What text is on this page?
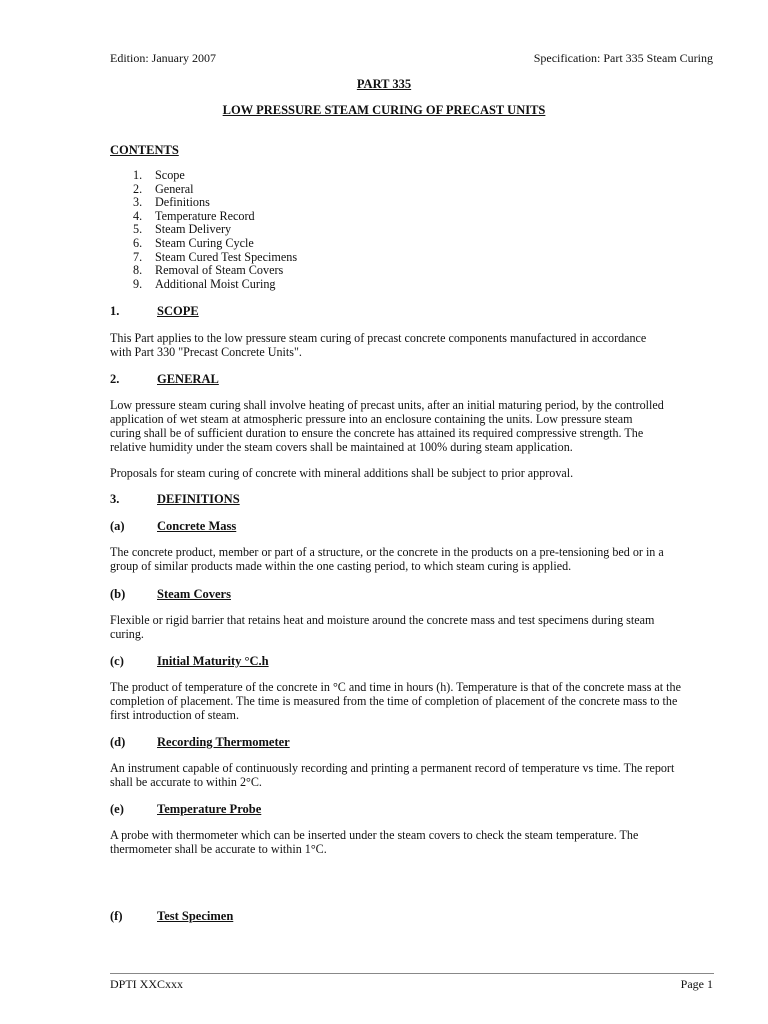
Edition: January 2007	Specification: Part 335 Steam Curing
PART 335
LOW PRESSURE STEAM CURING OF PRECAST UNITS
CONTENTS
1. Scope
2. General
3. Definitions
4. Temperature Record
5. Steam Delivery
6. Steam Curing Cycle
7. Steam Cured Test Specimens
8. Removal of Steam Covers
9. Additional Moist Curing
1.	SCOPE
This Part applies to the low pressure steam curing of precast concrete components manufactured in accordance
with Part 330 "Precast Concrete Units".
2.	GENERAL
Low pressure steam curing shall involve heating of precast units, after an initial maturing period, by the controlled
application of wet steam at atmospheric pressure into an enclosure containing the units. Low pressure steam
curing shall be of sufficient duration to ensure the concrete has attained its required compressive strength. The
relative humidity under the steam covers shall be maintained at 100% during steam application.
Proposals for steam curing of concrete with mineral additions shall be subject to prior approval.
3.	DEFINITIONS
(a)	Concrete Mass
The concrete product, member or part of a structure, or the concrete in the products on a pre-tensioning bed or in a
group of similar products made within the one casting period, to which steam curing is applied.
(b)	Steam Covers
Flexible or rigid barrier that retains heat and moisture around the concrete mass and test specimens during steam
curing.
(c)	Initial Maturity °C.h
The product of temperature of the concrete in °C and time in hours (h). Temperature is that of the concrete mass at the
completion of placement. The time is measured from the time of completion of placement of the concrete mass to the
first introduction of steam.
(d)	Recording Thermometer
An instrument capable of continuously recording and printing a permanent record of temperature vs time. The report
shall be accurate to within 2°C.
(e)	Temperature Probe
A probe with thermometer which can be inserted under the steam covers to check the steam temperature. The
thermometer shall be accurate to within 1°C.
(f)	Test Specimen
DPTI XXCxxx	Page 1
